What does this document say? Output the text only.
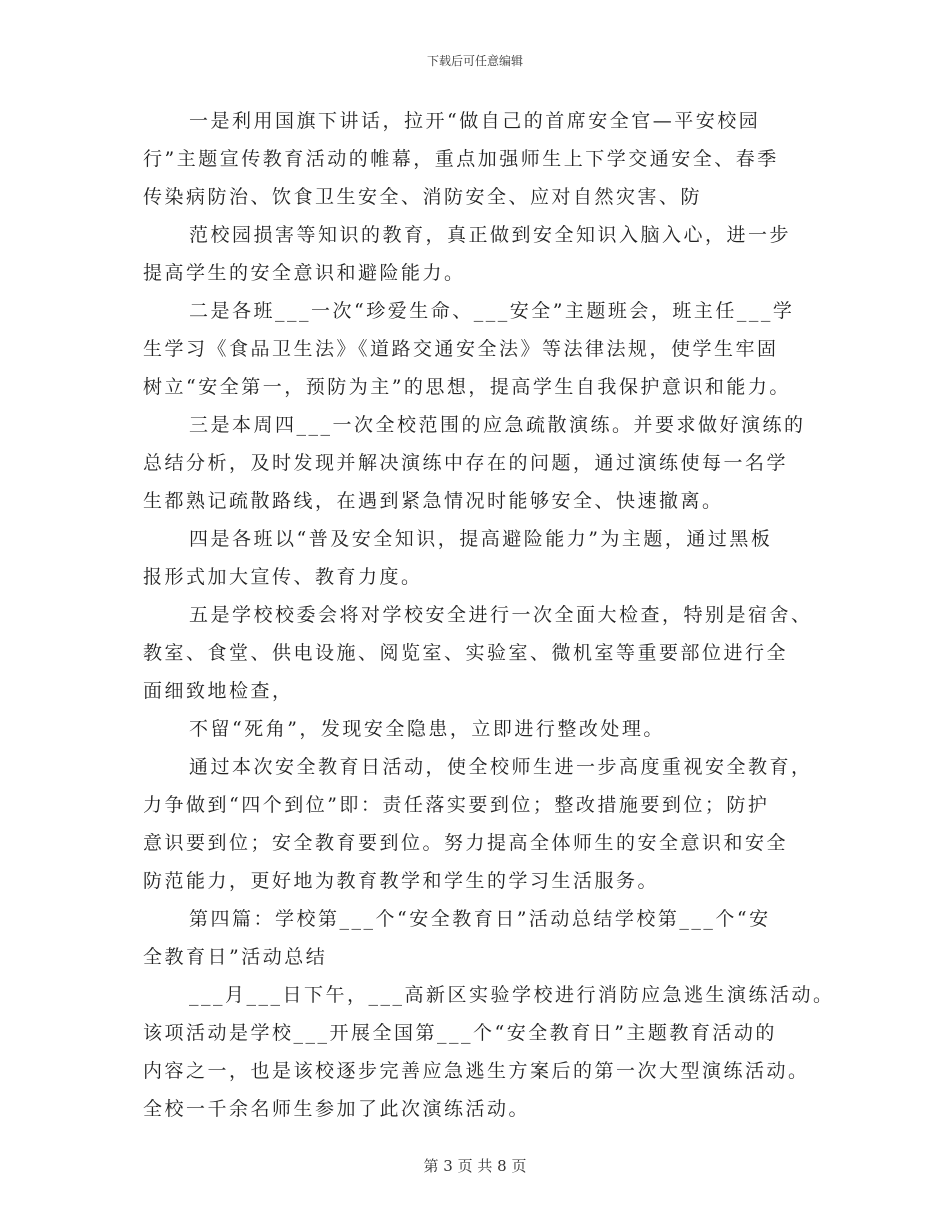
下载后可任意编辑
一是利用国旗下讲话，拉开“做自己的首席安全官—平安校园
行”主题宣传教育活动的帷幕，重点加强师生上下学交通安全、春季
传染病防治、饮食卫生安全、消防安全、应对自然灾害、防
范校园损害等知识的教育，真正做到安全知识入脑入心，进一步
提高学生的安全意识和避险能力。
二是各班___一次“珍爱生命、___安全”主题班会，班主任___学
生学习《食品卫生法》《道路交通安全法》等法律法规，使学生牢固
树立“安全第一，预防为主”的思想，提高学生自我保护意识和能力。
三是本周四___一次全校范围的应急疏散演练。并要求做好演练的
总结分析，及时发现并解决演练中存在的问题，通过演练使每一名学
生都熟记疏散路线，在遇到紧急情况时能够安全、快速撤离。
四是各班以“普及安全知识，提高避险能力”为主题，通过黑板
报形式加大宣传、教育力度。
五是学校校委会将对学校安全进行一次全面大检查，特别是宿舍、
教室、食堂、供电设施、阅览室、实验室、微机室等重要部位进行全
面细致地检查，
不留“死角”，发现安全隐患，立即进行整改处理。
通过本次安全教育日活动，使全校师生进一步高度重视安全教育，
力争做到“四个到位”即：责任落实要到位；整改措施要到位；防护
意识要到位；安全教育要到位。努力提高全体师生的安全意识和安全
防范能力，更好地为教育教学和学生的学习生活服务。
第四篇：学校第___个“安全教育日”活动总结学校第___个“安
全教育日”活动总结
___月___日下午，___高新区实验学校进行消防应急逃生演练活动。
该项活动是学校___开展全国第___个“安全教育日”主题教育活动的
内容之一，也是该校逐步完善应急逃生方案后的第一次大型演练活动。
全校一千余名师生参加了此次演练活动。
第 3 页 共 8 页
